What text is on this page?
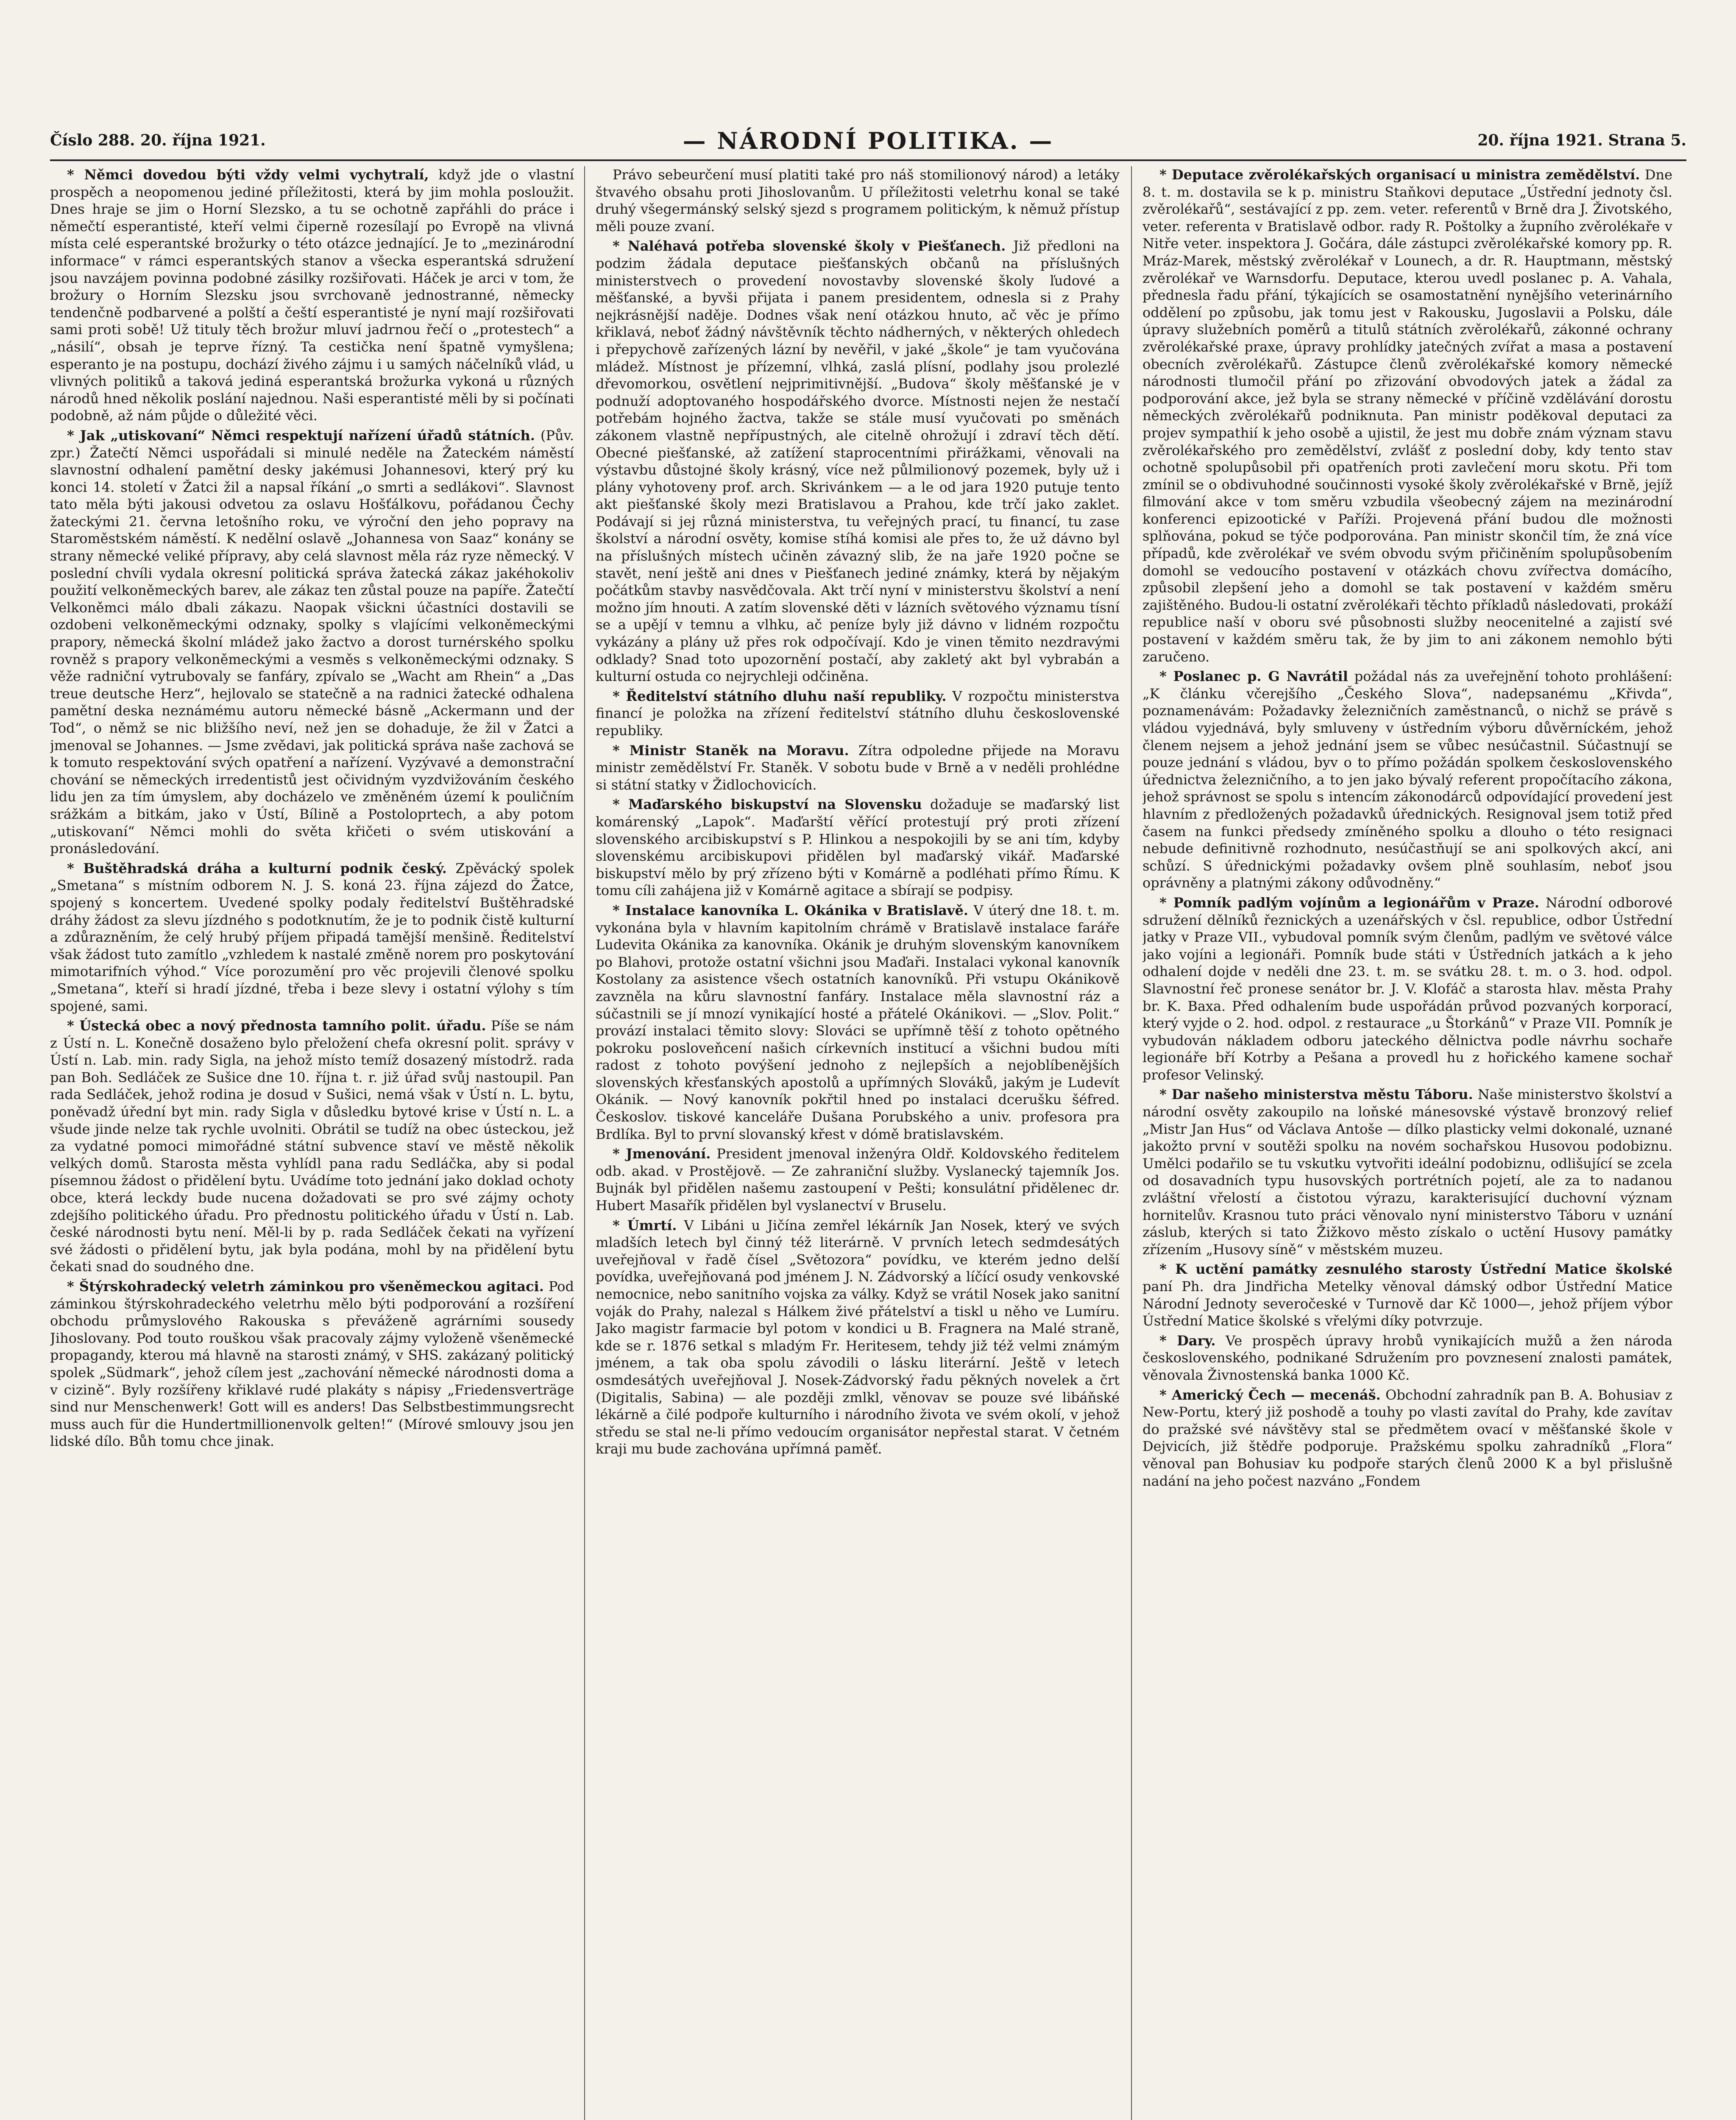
Číslo 288. 20. října 1921.	— NÁRODNÍ POLITIKA. —	20. října 1921. Strana 5.

* Němci dovedou býti vždy velmi vychytralí, když jde o vlastní prospěch a neopomenou jediné příležitosti, která by jim mohla posloužit. Dnes hraje se jim o Horní Slezsko, a tu se ochotně zapřáhli do práce i němečtí esperantisté, kteří velmi čiperně rozesílají po Evropě na vlivná místa celé esperantské brožurky o této otázce jednající. Je to „mezinárodní informace“ v rámci esperantských stanov a všecka esperantská sdružení jsou navzájem povinna podobné zásilky rozšiřovati. Háček je arci v tom, že brožury o Horním Slezsku jsou svrchovaně jednostranné, německy tendenčně podbarvené a polští a čeští esperantisté je nyní mají rozšiřovati sami proti sobě! Už tituly těch brožur mluví jadrnou řečí o „protestech“ a „násilí“, obsah je teprve řízný. Ta cestička není špatně vymyšlena; esperanto je na postupu, dochází živého zájmu i u samých náčelníků vlád, u vlivných politiků a taková jediná esperantská brožurka vykoná u různých národů hned několik poslání najednou. Naši esperantisté měli by si počínati podobně, až nám půjde o důležité věci.

* Jak „utiskovaní“ Němci respektují nařízení úřadů státních. (Pův. zpr.) Žatečtí Němci uspořádali si minulé neděle na Žateckém náměstí slavnostní odhalení pamětní desky jakémusi Johannesovi, který prý ku konci 14. století v Žatci žil a napsal říkání „o smrti a sedlákovi“. Slavnost tato měla býti jakousi odvetou za oslavu Hošťálkovu, pořádanou Čechy žateckými 21. června letošního roku, ve výroční den jeho popravy na Staroměstském náměstí. K nedělní oslavě „Johannesa von Saaz“ konány se strany německé veliké přípravy, aby celá slavnost měla ráz ryze německý. V poslední chvíli vydala okresní politická správa žatecká zákaz jakéhokoliv použití velkoněmeckých barev, ale zákaz ten zůstal pouze na papíře. Žatečtí Velkoněmci málo dbali zákazu. Naopak všickni účastníci dostavili se ozdobeni velkoněmeckými odznaky, spolky s vlajícími velkoněmeckými prapory, německá školní mládež jako žactvo a dorost turnérského spolku rovněž s prapory velkoněmeckými a vesměs s velkoněmeckými odznaky. S věže radniční vytrubovaly se fanfáry, zpívalo se „Wacht am Rhein“ a „Das treue deutsche Herz“, hejlovalo se statečně a na radnici žatecké odhalena pamětní deska neznámému autoru německé básně „Ackermann und der Tod“, o němž se nic bližšího neví, než jen se dohaduje, že žil v Žatci a jmenoval se Johannes. — Jsme zvědavi, jak politická správa naše zachová se k tomuto respektování svých opatření a nařízení. Vyzývavé a demonstrační chování se německých irredentistů jest očividným vyzdvižováním českého lidu jen za tím úmyslem, aby docházelo ve změněném území k pouličním srážkám a bitkám, jako v Ústí, Bílině a Postoloprtech, a aby potom „utiskovaní“ Němci mohli do světa křičeti o svém utiskování a pronásledování.

* Buštěhradská dráha a kulturní podnik český. Zpěvácký spolek „Smetana“ s místním odborem N. J. S. koná 23. října zájezd do Žatce, spojený s koncertem. Uvedené spolky podaly ředitelství Buštěhradské dráhy žádost za slevu jízdného s podotknutím, že je to podnik čistě kulturní a zdůrazněním, že celý hrubý příjem připadá tamější menšině. Ředitelství však žádost tuto zamítlo „vzhledem k nastalé změně norem pro poskytování mimotarifních výhod.“ Více porozumění pro věc projevili členové spolku „Smetana“, kteří si hradí jízdné, třeba i beze slevy i ostatní výlohy s tím spojené, sami.

* Ústecká obec a nový přednosta tamního polit. úřadu. Píše se nám z Ústí n. L. Konečně dosaženo bylo přeložení chefa okresní polit. správy v Ústí n. Lab. min. rady Sigla, na jehož místo temíž dosazený místodrž. rada pan Boh. Sedláček ze Sušice dne 10. října t. r. již úřad svůj nastoupil. Pan rada Sedláček, jehož rodina je dosud v Sušici, nemá však v Ústí n. L. bytu, poněvadž úřední byt min. rady Sigla v důsledku bytové krise v Ústí n. L. a všude jinde nelze tak rychle uvolniti. Obrátil se tudíž na obec ústeckou, jež za vydatné pomoci mimořádné státní subvence staví ve městě několik velkých domů. Starosta města vyhlídl pana radu Sedláčka, aby si podal písemnou žádost o přidělení bytu. Uvádíme toto jednání jako doklad ochoty obce, která leckdy bude nucena dožadovati se pro své zájmy ochoty zdejšího politického úřadu. Pro přednostu politického úřadu v Ústí n. Lab. české národnosti bytu není. Měl-li by p. rada Sedláček čekati na vyřízení své žádosti o přidělení bytu, jak byla podána, mohl by na přidělení bytu čekati snad do soudného dne.

* Štýrskohradecký veletrh záminkou pro všeněmeckou agitaci. Pod záminkou štýrskohradeckého veletrhu mělo býti podporování a rozšíření obchodu průmyslového Rakouska s převáženě agrárními sousedy Jihoslovany. Pod touto rouškou však pracovaly zájmy vyloženě všeněmecké propagandy, kterou má hlavně na starosti známý, v SHS. zakázaný politický spolek „Südmark“, jehož cílem jest „zachování německé národnosti doma a v cizině“. Byly rozšířeny křiklavé rudé plakáty s nápisy „Friedensverträge sind nur Menschenwerk! Gott will es anders! Das Selbstbestimmungsrecht muss auch für die Hundertmillionenvolk gelten!“ (Mírové smlouvy jsou jen lidské dílo. Bůh tomu chce jinak.

Právo sebeurčení musí platiti také pro náš stomilionový národ) a letáky štvavého obsahu proti Jihoslovanům. U příležitosti veletrhu konal se také druhý všegermánský selský sjezd s programem politickým, k němuž přístup měli pouze zvaní.

* Naléhavá potřeba slovenské školy v Piešťanech. Již předloni na podzim žádala deputace piešťanských občanů na příslušných ministerstvech o provedení novostavby slovenské školy ľudové a měšťanské, a byvši přijata i panem presidentem, odnesla si z Prahy nejkrásnější naděje. Dodnes však není otázkou hnuto, ač věc je přímo křiklavá, neboť žádný návštěvník těchto nádherných, v některých ohledech i přepychově zařízených lázní by nevěřil, v jaké „škole“ je tam vyučována mládež. Místnost je přízemní, vlhká, zaslá plísní, podlahy jsou prolezlé dřevomorkou, osvětlení nejprimitivnější. „Budova“ školy měšťanské je v podnuží adoptovaného hospodářského dvorce. Místnosti nejen že nestačí potřebám hojného žactva, takže se stále musí vyučovati po směnách zákonem vlastně nepřípustných, ale citelně ohrožují i zdraví těch dětí. Obecné piešťanské, až zatížení staprocentními přirážkami, věnovali na výstavbu důstojné školy krásný, více než půlmilionový pozemek, byly už i plány vyhotoveny prof. arch. Skrivánkem — a le od jara 1920 putuje tento akt piešťanské školy mezi Bratislavou a Prahou, kde trčí jako zaklet. Podávají si jej různá ministerstva, tu veřejných prací, tu financí, tu zase školství a národní osvěty, komise stíhá komisi ale přes to, že už dávno byl na příslušných místech učiněn závazný slib, že na jaře 1920 počne se stavět, není ještě ani dnes v Piešťanech jediné známky, která by nějakým počátkům stavby nasvědčovala. Akt trčí nyní v ministerstvu školství a není možno jím hnouti. A zatím slovenské děti v lázních světového významu tísní se a upějí v temnu a vlhku, ač peníze byly již dávno v lidném rozpočtu vykázány a plány už přes rok odpočívají. Kdo je vinen těmito nezdravými odklady? Snad toto upozornění postačí, aby zakletý akt byl vybrabán a kulturní ostuda co nejrychleji odčiněna.

* Ředitelství státního dluhu naší republiky. V rozpočtu ministerstva financí je položka na zřízení ředitelství státního dluhu československé republiky.

* Ministr Staněk na Moravu. Zítra odpoledne přijede na Moravu ministr zemědělství Fr. Staněk. V sobotu bude v Brně a v neděli prohlédne si státní statky v Židlochovicích.

* Maďarského biskupství na Slovensku dožaduje se maďarský list komárenský „Lapok“. Maďarští věřící protestují prý proti zřízení slovenského arcibiskupství s P. Hlinkou a nespokojili by se ani tím, kdyby slovenskému arcibiskupovi přidělen byl maďarský vikář. Maďarské biskupství mělo by prý zřízeno býti v Komárně a podléhati přímo Římu. K tomu cíli zahájena již v Komárně agitace a sbírají se podpisy.

* Instalace kanovníka L. Okánika v Bratislavě. V úterý dne 18. t. m. vykonána byla v hlavním kapitolním chrámě v Bratislavě instalace faráře Ludevita Okánika za kanovníka. Okánik je druhým slovenským kanovníkem po Blahovi, protože ostatní všichni jsou Maďaři. Instalaci vykonal kanovník Kostolany za asistence všech ostatních kanovníků. Při vstupu Okánikově zavzněla na kůru slavnostní fanfáry. Instalace měla slavnostní ráz a súčastnili se jí mnozí vynikající hosté a přátelé Okánikovi. — „Slov. Polit.“ provází instalaci těmito slovy: Slováci se upřímně těší z tohoto opětného pokroku posloveňcení našich církevních institucí a všichni budou míti radost z tohoto povýšení jednoho z nejlepších a nejoblíbenějších slovenských křesťanských apostolů a upřímných Slováků, jakým je Ludevít Okánik. — Nový kanovník pokřtil hned po instalaci dcerušku šéfred. Českoslov. tiskové kanceláře Dušana Porubského a univ. profesora pra Brdlíka. Byl to první slovanský křest v dómě bratislavském.

* Jmenování. President jmenoval inženýra Oldř. Koldovského ředitelem odb. akad. v Prostějově. — Ze zahraniční služby. Vyslanecký tajemník Jos. Bujnák byl přidělen našemu zastoupení v Pešti; konsulátní přidělenec dr. Hubert Masařík přidělen byl vyslanectví v Bruselu.

* Úmrtí. V Libáni u Jičína zemřel lékárník Jan Nosek, který ve svých mladších letech byl činný též literárně. V prvních letech sedmdesátých uveřejňoval v řadě čísel „Světozora“ povídku, ve kterém jedno delší povídka, uveřejňovaná pod jménem J. N. Zádvorský a líčící osudy venkovské nemocnice, nebo sanitního vojska za války. Když se vrátil Nosek jako sanitní voják do Prahy, nalezal s Hálkem živé přátelství a tiskl u něho ve Lumíru. Jako magistr farmacie byl potom v kondici u B. Fragnera na Malé straně, kde se r. 1876 setkal s mladým Fr. Heritesem, tehdy již též velmi známým jménem, a tak oba spolu závodili o lásku literární. Ještě v letech osmdesátých uveřejňoval J. Nosek-Zádvorský řadu pěkných novelek a črt (Digitalis, Sabina) — ale později zmlkl, věnovav se pouze své libáňské lékárně a čilé podpoře kulturního i národního života ve svém okolí, v jehož středu se stal ne-li přímo vedoucím organisátor nepřestal starat. V četném kraji mu bude zachována upřímná paměť.

* Deputace zvěrolékařských organisací u ministra zemědělství. Dne 8. t. m. dostavila se k p. ministru Staňkovi deputace „Ústřední jednoty čsl. zvěrolékařů“, sestávající z pp. zem. veter. referentů v Brně dra J. Životského, veter. referenta v Bratislavě odbor. rady R. Poštolky a župního zvěrolékaře v Nitře veter. inspektora J. Gočára, dále zástupci zvěrolékařské komory pp. R. Mráz-Marek, městský zvěrolékař v Lounech, a dr. R. Hauptmann, městský zvěrolékař ve Warnsdorfu. Deputace, kterou uvedl poslanec p. A. Vahala, přednesla řadu přání, týkajících se osamostatnění nynějšího veterinárního oddělení po způsobu, jak tomu jest v Rakousku, Jugoslavii a Polsku, dále úpravy služebních poměrů a titulů státních zvěrolékařů, zákonné ochrany zvěrolékařské praxe, úpravy prohlídky jatečných zvířat a masa a postavení obecních zvěrolékařů. Zástupce členů zvěrolékařské komory německé národnosti tlumočil přání po zřizování obvodových jatek a žádal za podporování akce, jež byla se strany německé v příčině vzdělávání dorostu německých zvěrolékařů podniknuta. Pan ministr poděkoval deputaci za projev sympathií k jeho osobě a ujistil, že jest mu dobře znám význam stavu zvěrolékařského pro zemědělství, zvlášť z poslední doby, kdy tento stav ochotně spolupůsobil při opatřeních proti zavlečení moru skotu. Při tom zmínil se o obdivuhodné součinnosti vysoké školy zvěrolékařské v Brně, jejíž filmování akce v tom směru vzbudila všeobecný zájem na mezinárodní konferenci epizootické v Paříži. Projevená přání budou dle možnosti splňována, pokud se týče podporována. Pan ministr skončil tím, že zná více případů, kde zvěrolékař ve svém obvodu svým přičiněním spolupůsobením domohl se vedoucího postavení v otázkách chovu zvířectva domácího, způsobil zlepšení jeho a domohl se tak postavení v každém směru zajištěného. Budou-li ostatní zvěrolékaři těchto příkladů následovati, prokáží republice naší v oboru své působnosti služby neocenitelné a zajistí své postavení v každém směru tak, že by jim to ani zákonem nemohlo býti zaručeno.

* Poslanec p. G Navrátil požádal nás za uveřejnění tohoto prohlášení: „K článku včerejšího „Českého Slova“, nadepsanému „Křivda“, poznamenávám: Požadavky železničních zaměstnanců, o nichž se právě s vládou vyjednává, byly smluveny v ústředním výboru důvěrníckém, jehož členem nejsem a jehož jednání jsem se vůbec nesúčastnil. Súčastnují se pouze jednání s vládou, byv o to přímo požádán spolkem československého úřednictva železničního, a to jen jako bývalý referent propočítacího zákona, jehož správnost se spolu s intencím zákonodárců odpovídající provedení jest hlavním z předložených požadavků úřednických. Resignoval jsem totiž před časem na funkci předsedy zmíněného spolku a dlouho o této resignaci nebude definitivně rozhodnuto, nesúčastňují se ani spolkových akcí, ani schůzí. S úřednickými požadavky ovšem plně souhlasím, neboť jsou oprávněny a platnými zákony odůvodněny.“

* Pomník padlým vojínům a legionářům v Praze. Národní odborové sdružení dělníků řeznických a uzenářských v čsl. republice, odbor Ústřední jatky v Praze VII., vybudoval pomník svým členům, padlým ve světové válce jako vojíni a legionáři. Pomník bude státi v Ústředních jatkách a k jeho odhalení dojde v neděli dne 23. t. m. se svátku 28. t. m. o 3. hod. odpol. Slavnostní řeč pronese senátor br. J. V. Klofáč a starosta hlav. města Prahy br. K. Baxa. Před odhalením bude uspořádán průvod pozvaných korporací, který vyjde o 2. hod. odpol. z restaurace „u Štorkánů“ v Praze VII. Pomník je vybudován nákladem odboru jateckého dělnictva podle návrhu sochaře legionáře bří Kotrby a Pešana a provedl hu z hořického kamene sochař profesor Velinský.

* Dar našeho ministerstva městu Táboru. Naše ministerstvo školství a národní osvěty zakoupilo na loňské mánesovské výstavě bronzový relief „Mistr Jan Hus“ od Václava Antoše — dílko plasticky velmi dokonalé, uznané jakožto první v soutěži spolku na novém sochařskou Husovou podobiznu. Umělci podařilo se tu vskutku vytvořiti ideální podobiznu, odlišující se zcela od dosavadních typu husovských portrétních pojetí, ale za to nadanou zvláštní vřelostí a čistotou výrazu, karakterisující duchovní význam hornitelův. Krasnou tuto práci věnovalo nyní ministerstvo Táboru v uznání záslub, kterých si tato Žižkovo město získalo o uctění Husovy památky zřízením „Husovy síně“ v městském muzeu.

* K uctění památky zesnulého starosty Ústřední Matice školské paní Ph. dra Jindřicha Metelky věnoval dámský odbor Ústřední Matice Národní Jednoty severočeské v Turnově dar Kč 1000—, jehož příjem výbor Ústřední Matice školské s vřelými díky potvrzuje.

* Dary. Ve prospěch úpravy hrobů vynikajících mužů a žen národa československého, podnikané Sdružením pro povznesení znalosti památek, věnovala Živnostenská banka 1000 Kč.

* Americký Čech — mecenáš. Obchodní zahradník pan B. A. Bohusiav z New-Portu, který již poshodě a touhy po vlasti zavítal do Prahy, kde zavítav do pražské své návštěvy stal se předmětem ovací v měšťanské škole v Dejvicích, již štědře podporuje. Pražskému spolku zahradníků „Flora“ věnoval pan Bohusiav ku podpoře starých členů 2000 K a byl přislušně nadání na jeho počest nazváno „Fondem
